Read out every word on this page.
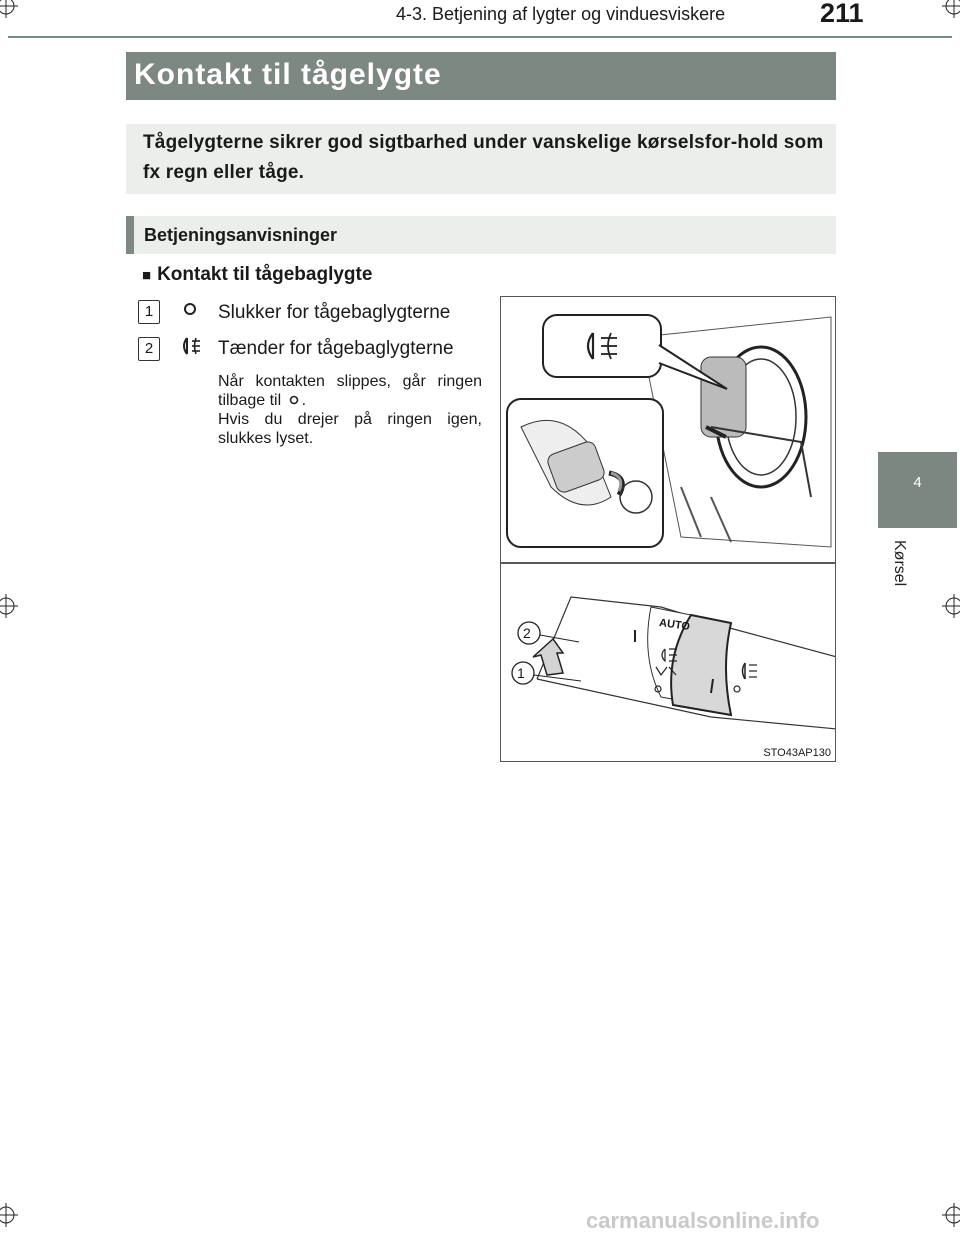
4-3. Betjening af lygter og vinduesviskere	211
4
Kørsel
Kontakt til tågelygte
Tågelygterne sikrer god sigtbarhed under vanskelige kørselsfor-hold som fx regn eller tåge.
Betjeningsanvisninger
■ Kontakt til tågebaglygte
1	Slukker for tågebaglygterne
2	Tænder for tågebaglygterne
Når kontakten slippes, går ringen tilbage til .
Hvis du drejer på ringen igen, slukkes lyset.
AUTO
2
1
STO43AP130
carmanualsonline.info
